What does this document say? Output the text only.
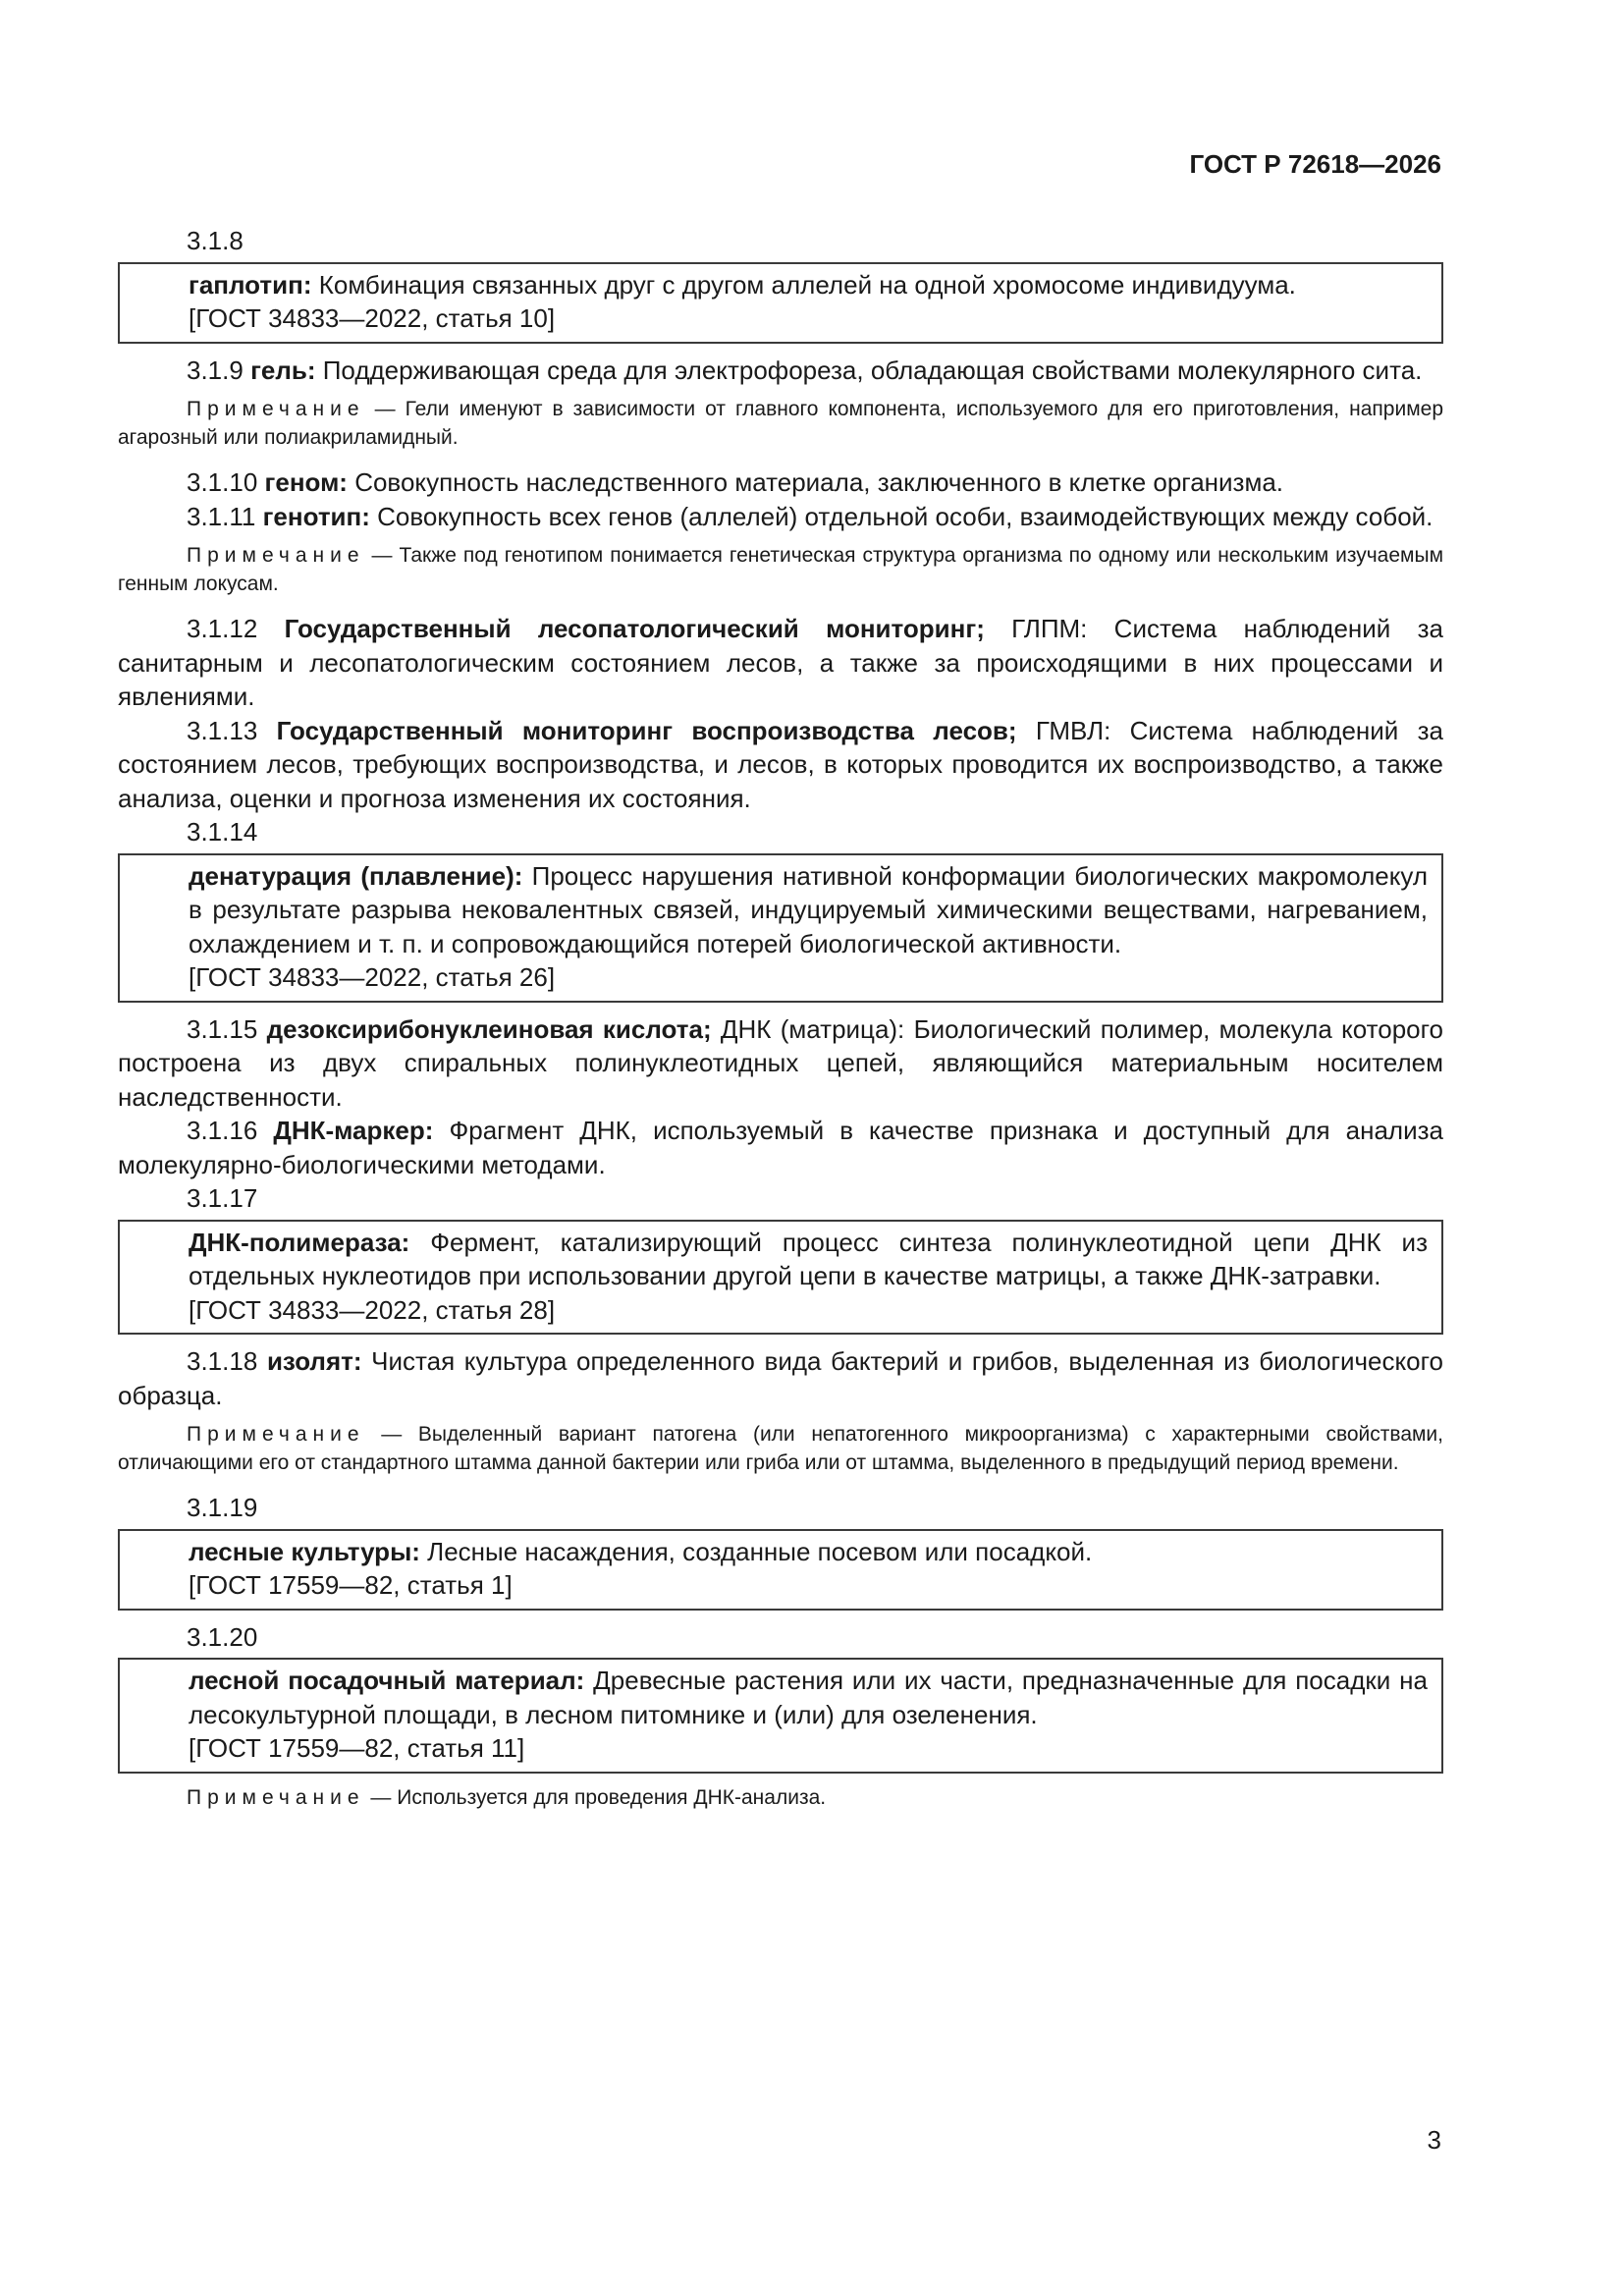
ГОСТ Р 72618—2026
3.1.8

гаплотип: Комбинация связанных друг с другом аллелей на одной хромосоме индивидуума.

[ГОСТ 34833—2022, статья 10]

3.1.9 гель: Поддерживающая среда для электрофореза, обладающая свойствами молекулярного сита.

Примечание — Гели именуют в зависимости от главного компонента, используемого для его приготовления, например агарозный или полиакриламидный.

3.1.10 геном: Совокупность наследственного материала, заключенного в клетке организма.

3.1.11 генотип: Совокупность всех генов (аллелей) отдельной особи, взаимодействующих между собой.

Примечание — Также под генотипом понимается генетическая структура организма по одному или нескольким изучаемым генным локусам.

3.1.12 Государственный лесопатологический мониторинг; ГЛПМ: Система наблюдений за санитарным и лесопатологическим состоянием лесов, а также за происходящими в них процессами и явлениями.

3.1.13 Государственный мониторинг воспроизводства лесов; ГМВЛ: Система наблюдений за состоянием лесов, требующих воспроизводства, и лесов, в которых проводится их воспроизводство, а также анализа, оценки и прогноза изменения их состояния.

3.1.14

денатурация (плавление): Процесс нарушения нативной конформации биологических макромолекул в результате разрыва нековалентных связей, индуцируемый химическими веществами, нагреванием, охлаждением и т. п. и сопровождающийся потерей биологической активности.

[ГОСТ 34833—2022, статья 26]

3.1.15 дезоксирибонуклеиновая кислота; ДНК (матрица): Биологический полимер, молекула которого построена из двух спиральных полинуклеотидных цепей, являющийся материальным носителем наследственности.

3.1.16 ДНК-маркер: Фрагмент ДНК, используемый в качестве признака и доступный для анализа молекулярно-биологическими методами.

3.1.17

ДНК-полимераза: Фермент, катализирующий процесс синтеза полинуклеотидной цепи ДНК из отдельных нуклеотидов при использовании другой цепи в качестве матрицы, а также ДНК-затравки.

[ГОСТ 34833—2022, статья 28]

3.1.18 изолят: Чистая культура определенного вида бактерий и грибов, выделенная из биологического образца.

Примечание — Выделенный вариант патогена (или непатогенного микроорганизма) с характерными свойствами, отличающими его от стандартного штамма данной бактерии или гриба или от штамма, выделенного в предыдущий период времени.

3.1.19

лесные культуры: Лесные насаждения, созданные посевом или посадкой.

[ГОСТ 17559—82, статья 1]

3.1.20

лесной посадочный материал: Древесные растения или их части, предназначенные для посадки на лесокультурной площади, в лесном питомнике и (или) для озеленения.

[ГОСТ 17559—82, статья 11]

Примечание — Используется для проведения ДНК-анализа.

3
